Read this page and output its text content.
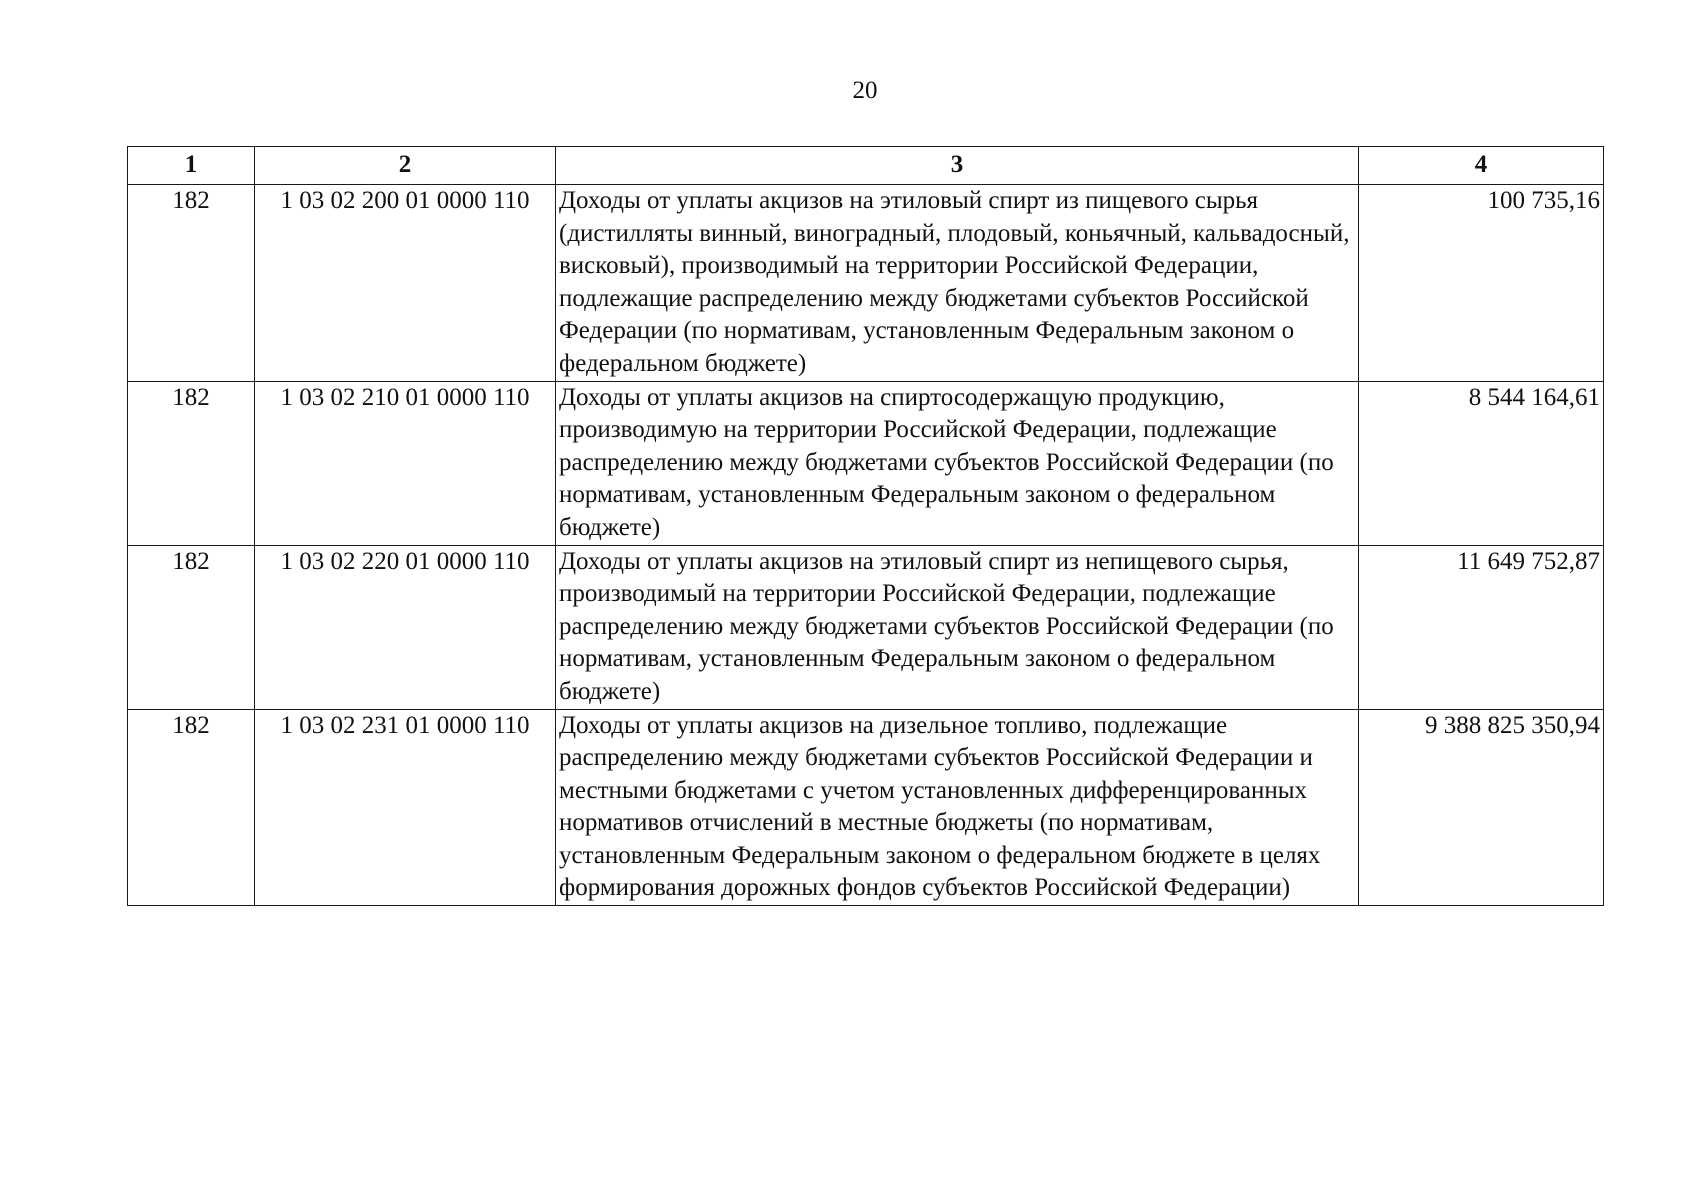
20
1	2	3	4
182	1 03 02 200 01 0000 110	Доходы от уплаты акцизов на этиловый спирт из пищевого сырья (дистилляты винный, виноградный, плодовый, коньячный, кальвадосный, висковый), производимый на территории Российской Федерации, подлежащие распределению между бюджетами субъектов Российской Федерации (по нормативам, установленным Федеральным законом о федеральном бюджете)	100 735,16
182	1 03 02 210 01 0000 110	Доходы от уплаты акцизов на спиртосодержащую продукцию, производимую на территории Российской Федерации, подлежащие распределению между бюджетами субъектов Российской Федерации (по нормативам, установленным Федеральным законом о федеральном бюджете)	8 544 164,61
182	1 03 02 220 01 0000 110	Доходы от уплаты акцизов на этиловый спирт из непищевого сырья, производимый на территории Российской Федерации, подлежащие распределению между бюджетами субъектов Российской Федерации (по нормативам, установленным Федеральным законом о федеральном бюджете)	11 649 752,87
182	1 03 02 231 01 0000 110	Доходы от уплаты акцизов на дизельное топливо, подлежащие распределению между бюджетами субъектов Российской Федерации и местными бюджетами с учетом установленных дифференцированных нормативов отчислений в местные бюджеты (по нормативам, установленным Федеральным законом о федеральном бюджете в целях формирования дорожных фондов субъектов Российской Федерации)	9 388 825 350,94
